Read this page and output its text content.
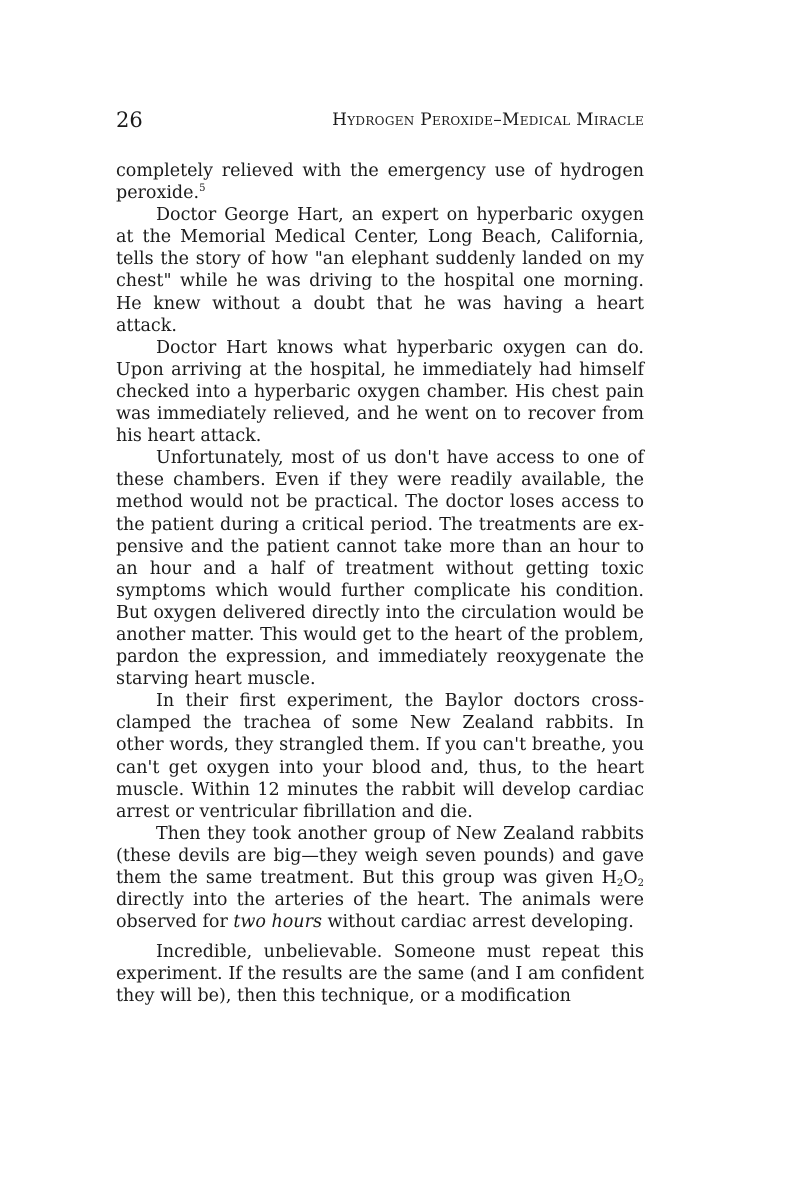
26	Hydrogen Peroxide–Medical Miracle

completely relieved with the emergency use of hydrogen peroxide.$^5$

Doctor George Hart, an expert on hyperbaric oxygen at the Memorial Medical Center, Long Beach, California, tells the story of how "an elephant suddenly landed on my chest" while he was driving to the hospital one morning. He knew without a doubt that he was having a heart attack.

Doctor Hart knows what hyperbaric oxygen can do. Upon arriving at the hospital, he immediately had himself checked into a hyperbaric oxygen chamber. His chest pain was immediately relieved, and he went on to recover from his heart attack.

Unfortunately, most of us don't have access to one of these chambers. Even if they were readily available, the method would not be practical. The doctor loses access to the patient during a critical period. The treatments are expensive and the patient cannot take more than an hour to an hour and a half of treatment without getting toxic symptoms which would further complicate his condition. But oxygen delivered directly into the circulation would be another matter. This would get to the heart of the problem, pardon the expression, and immediately reoxygenate the starving heart muscle.

In their first experiment, the Baylor doctors cross-clamped the trachea of some New Zealand rabbits. In other words, they strangled them. If you can't breathe, you can't get oxygen into your blood and, thus, to the heart muscle. Within 12 minutes the rabbit will develop cardiac arrest or ventricular fibrillation and die.

Then they took another group of New Zealand rabbits (these devils are big—they weigh seven pounds) and gave them the same treatment. But this group was given $H_2O_2$ directly into the arteries of the heart. The animals were observed for two hours without cardiac arrest developing.

Incredible, unbelievable. Someone must repeat this experiment. If the results are the same (and I am confident they will be), then this technique, or a modification
